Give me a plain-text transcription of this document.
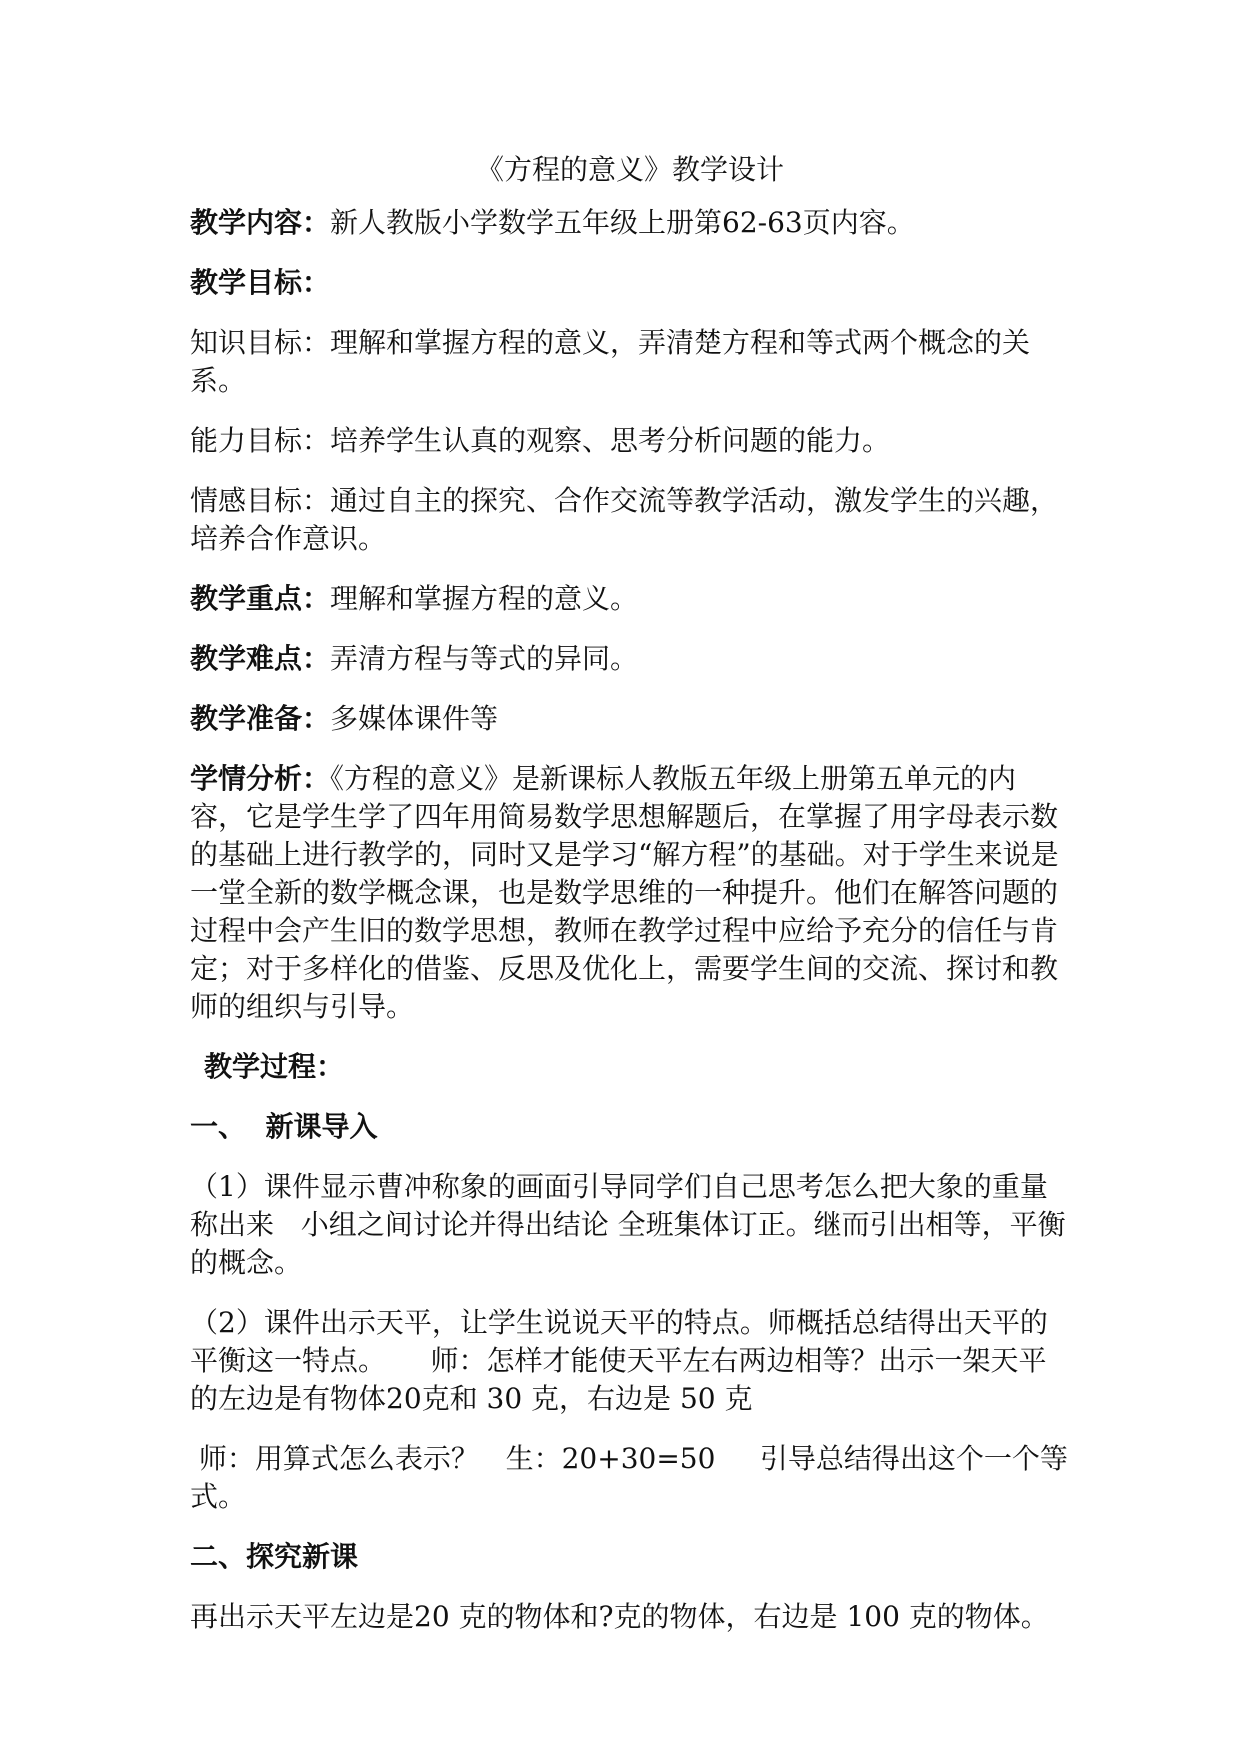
《方程的意义》教学设计
教学内容：新人教版小学数学五年级上册第62-63页内容。
教学目标：
知识目标：理解和掌握方程的意义，弄清楚方程和等式两个概念的关系。
能力目标：培养学生认真的观察、思考分析问题的能力。
情感目标：通过自主的探究、合作交流等教学活动，激发学生的兴趣，培养合作意识。
教学重点：理解和掌握方程的意义。
教学难点：弄清方程与等式的异同。
教学准备：多媒体课件等
学情分析：《方程的意义》是新课标人教版五年级上册第五单元的内容，它是学生学了四年用简易数学思想解题后，在掌握了用字母表示数的基础上进行教学的，同时又是学习“解方程”的基础。对于学生来说是一堂全新的数学概念课，也是数学思维的一种提升。他们在解答问题的过程中会产生旧的数学思想，教师在教学过程中应给予充分的信任与肯定；对于多样化的借鉴、反思及优化上，需要学生间的交流、探讨和教师的组织与引导。
教学过程：
一、  新课导入
（1）课件显示曹冲称象的画面引导同学们自己思考怎么把大象的重量称出来   小组之间讨论并得出结论 全班集体订正。继而引出相等，平衡的概念。
（2）课件出示天平，让学生说说天平的特点。师概括总结得出天平的平衡这一特点。     师：怎样才能使天平左右两边相等？出示一架天平的左边是有物体20克和 30 克，右边是 50 克
师：用算式怎么表示？   生：20+30=50     引导总结得出这个一个等式。
二、探究新课
再出示天平左边是20 克的物体和?克的物体，右边是 100 克的物体。
